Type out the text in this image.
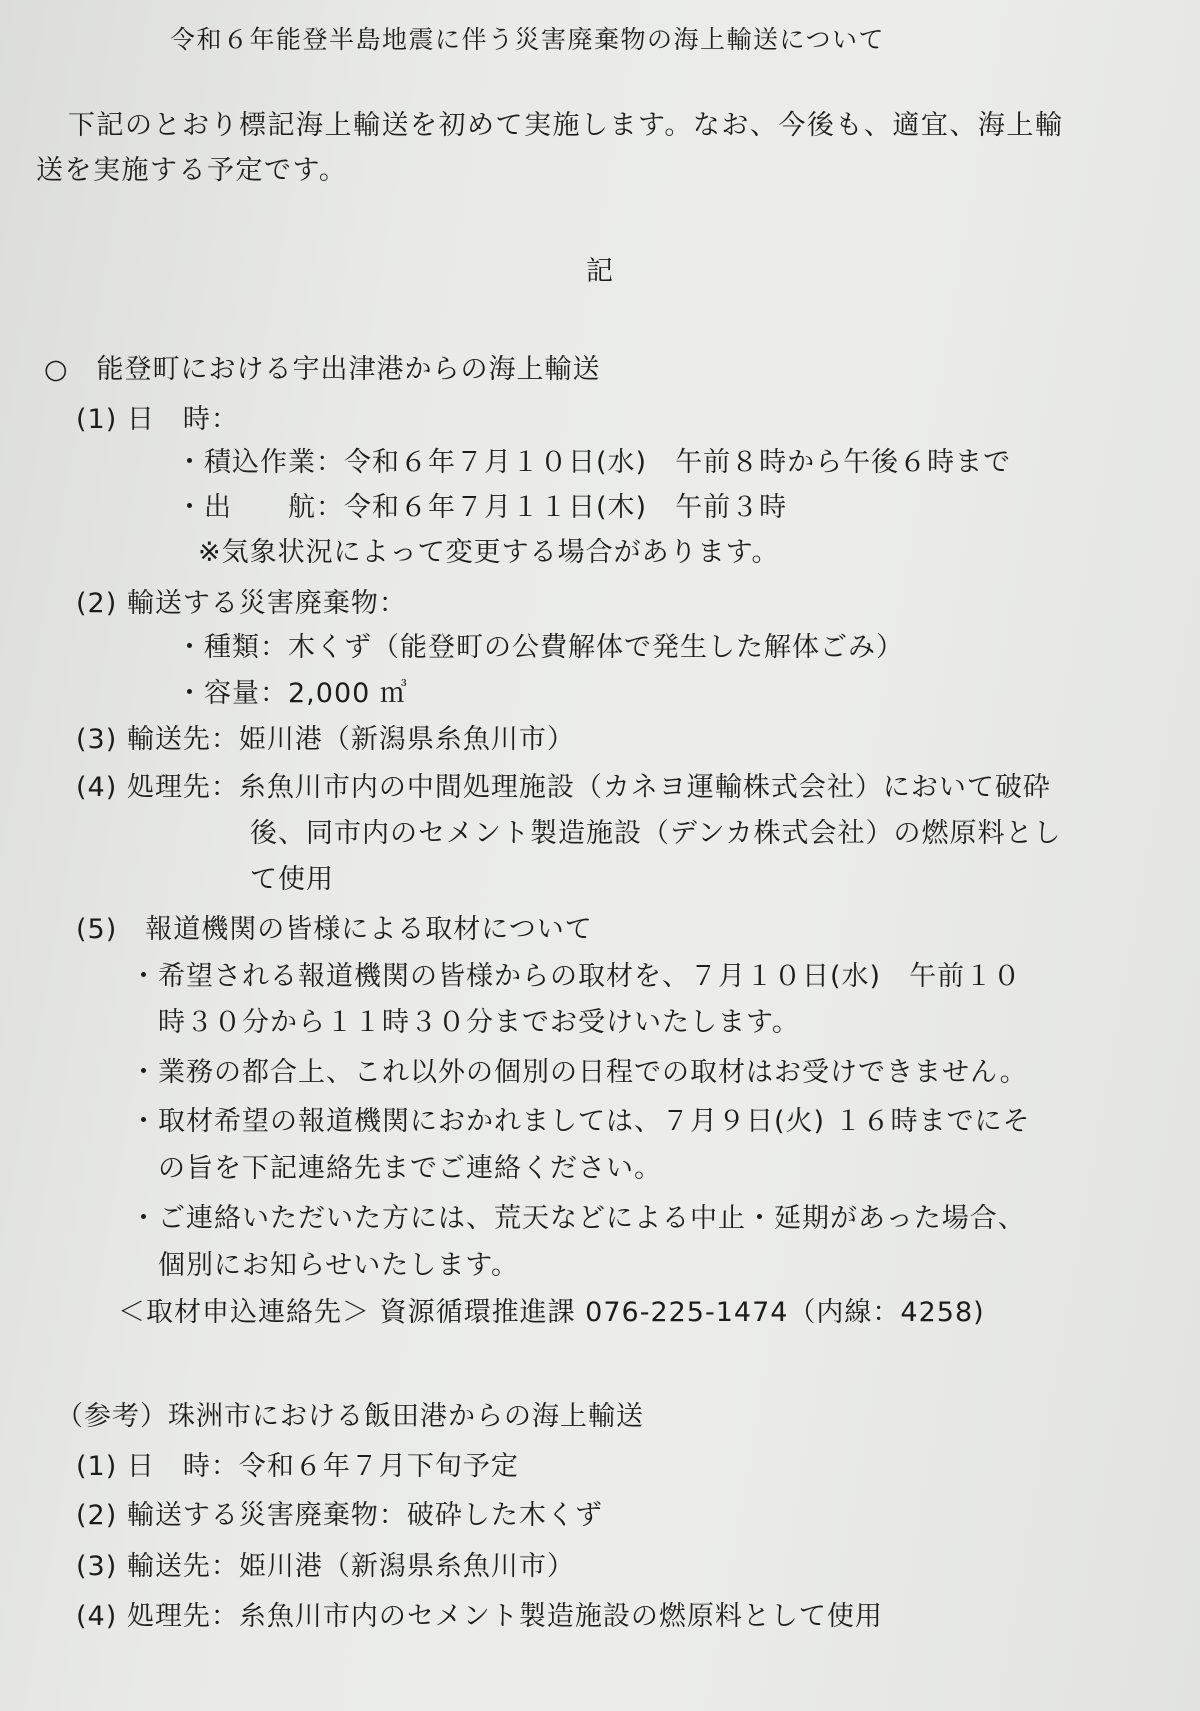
令和６年能登半島地震に伴う災害廃棄物の海上輸送について
下記のとおり標記海上輸送を初めて実施します。なお、今後も、適宜、海上輸
送を実施する予定です。
記
○　能登町における宇出津港からの海上輸送
(1) 日　時：
・積込作業：令和６年７月１０日(水)　午前８時から午後６時まで
・出　　航：令和６年７月１１日(木)　午前３時
※気象状況によって変更する場合があります。
(2) 輸送する災害廃棄物：
・種類：木くず（能登町の公費解体で発生した解体ごみ）
・容量：2,000 ㎥
(3) 輸送先：姫川港（新潟県糸魚川市）
(4) 処理先：糸魚川市内の中間処理施設（カネヨ運輸株式会社）において破砕
後、同市内のセメント製造施設（デンカ株式会社）の燃原料とし
て使用
(5)　報道機関の皆様による取材について
・希望される報道機関の皆様からの取材を、７月１０日(水)　午前１０
時３０分から１１時３０分までお受けいたします。
・業務の都合上、これ以外の個別の日程での取材はお受けできません。
・取材希望の報道機関におかれましては、７月９日(火) １６時までにそ
の旨を下記連絡先までご連絡ください。
・ご連絡いただいた方には、荒天などによる中止・延期があった場合、
個別にお知らせいたします。
＜取材申込連絡先＞ 資源循環推進課 076-225-1474（内線：4258)
（参考）珠洲市における飯田港からの海上輸送
(1) 日　時：令和６年７月下旬予定
(2) 輸送する災害廃棄物：破砕した木くず
(3) 輸送先：姫川港（新潟県糸魚川市）
(4) 処理先：糸魚川市内のセメント製造施設の燃原料として使用
